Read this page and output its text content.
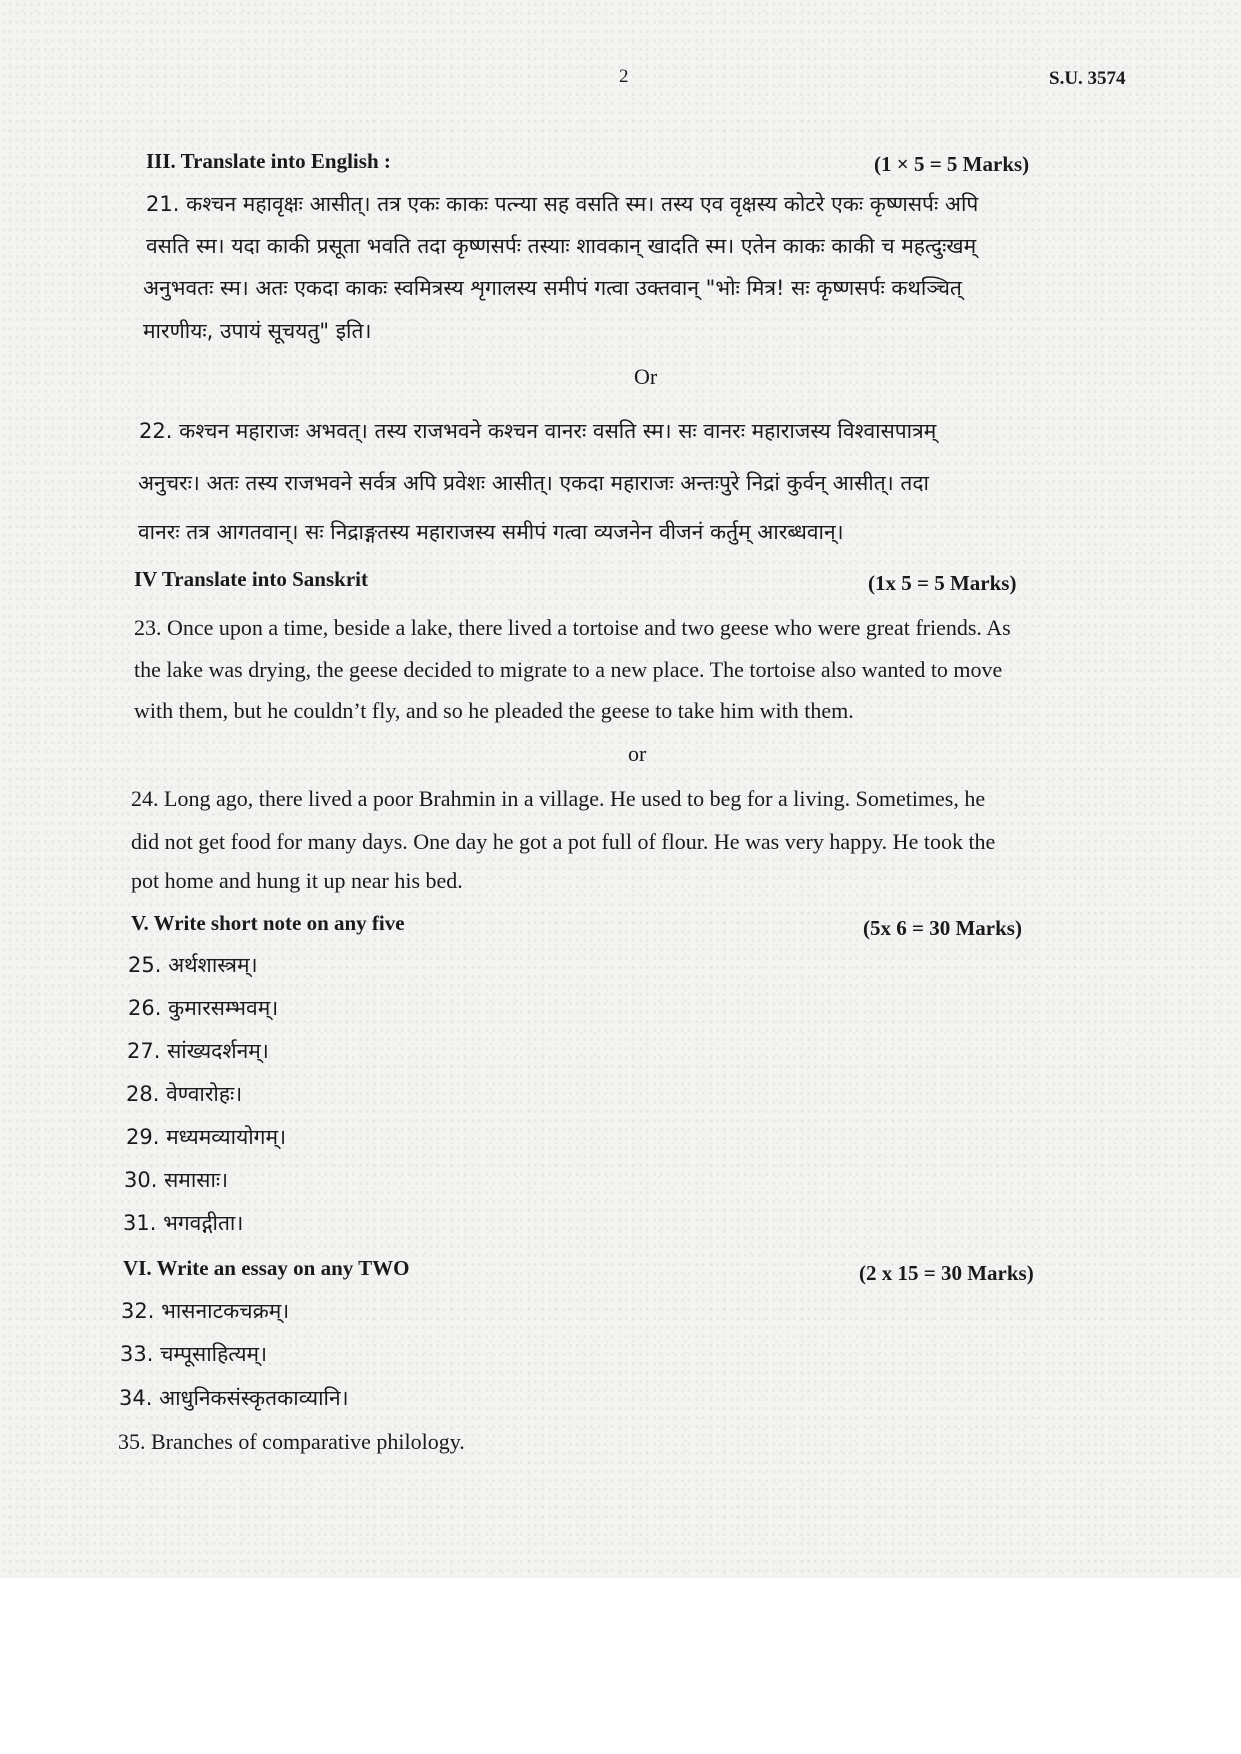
2	S.U. 3574
III. Translate into English :	(1 × 5 = 5 Marks)
21. कश्चन महावृक्षः आसीत्। तत्र एकः काकः पत्न्या सह वसति स्म। तस्य एव वृक्षस्य कोटरे एकः कृष्णसर्पः अपि
वसति स्म। यदा काकी प्रसूता भवति तदा कृष्णसर्पः तस्याः शावकान् खादति स्म। एतेन काकः काकी च महत्दुःखम्
अनुभवतः स्म। अतः एकदा काकः स्वमित्रस्य शृगालस्य समीपं गत्वा उक्तवान् "भोः मित्र! सः कृष्णसर्पः कथञ्चित्
मारणीयः, उपायं सूचयतु" इति।
Or
22. कश्चन महाराजः अभवत्। तस्य राजभवने कश्चन वानरः वसति स्म। सः वानरः महाराजस्य विश्वासपात्रम्
अनुचरः। अतः तस्य राजभवने सर्वत्र अपि प्रवेशः आसीत्। एकदा महाराजः अन्तःपुरे निद्रां कुर्वन् आसीत्। तदा
वानरः तत्र आगतवान्। सः निद्राङ्गतस्य महाराजस्य समीपं गत्वा व्यजनेन वीजनं कर्तुम् आरब्धवान्।
IV Translate into Sanskrit	(1x 5 = 5 Marks)
23. Once upon a time, beside a lake, there lived a tortoise and two geese who were great friends. As
the lake was drying, the geese decided to migrate to a new place. The tortoise also wanted to move
with them, but he couldn’t fly, and so he pleaded the geese to take him with them.
or
24. Long ago, there lived a poor Brahmin in a village. He used to beg for a living. Sometimes, he
did not get food for many days. One day he got a pot full of flour. He was very happy. He took the
pot home and hung it up near his bed.
V. Write short note on any five	(5x 6 = 30 Marks)
25. अर्थशास्त्रम्।
26. कुमारसम्भवम्।
27. सांख्यदर्शनम्।
28. वेण्वारोहः।
29. मध्यमव्यायोगम्।
30. समासाः।
31. भगवद्गीता।
VI. Write an essay on any TWO	(2 x 15 = 30 Marks)
32. भासनाटकचक्रम्।
33. चम्पूसाहित्यम्।
34. आधुनिकसंस्कृतकाव्यानि।
35. Branches of comparative philology.
